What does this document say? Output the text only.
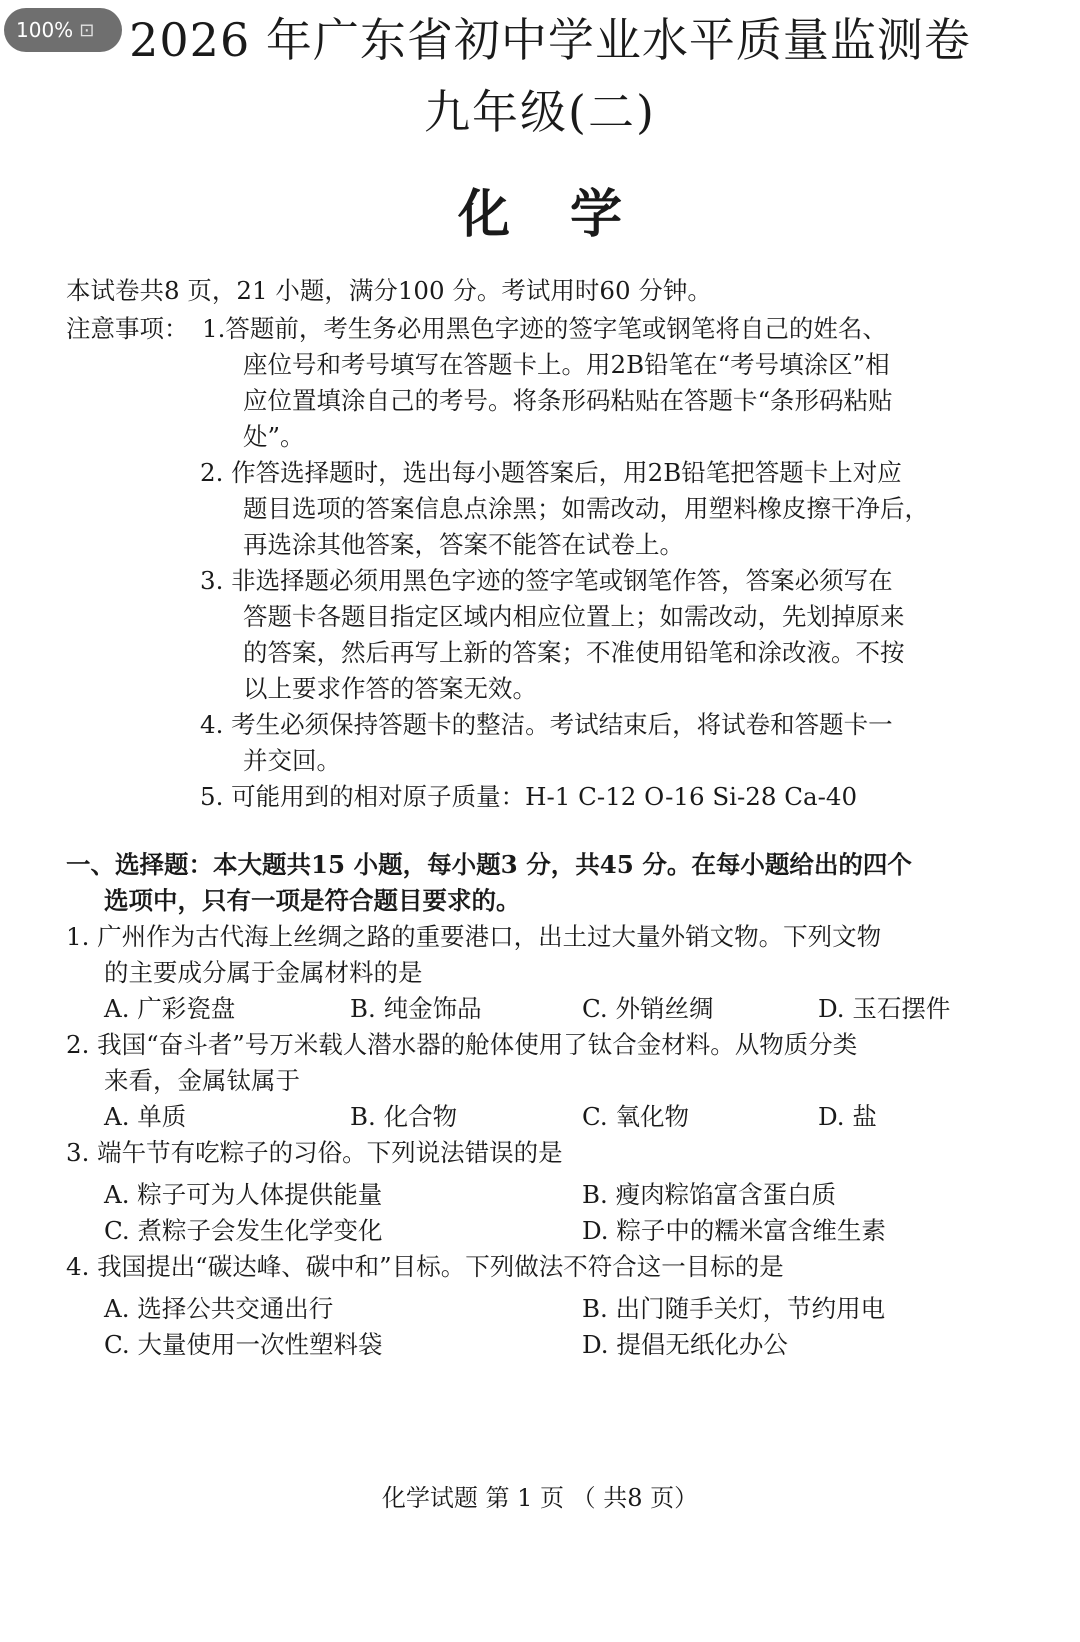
100% ⊡ 2026 年广东省初中学业水平质量监测卷
九年级(二)
化学
本试卷共8 页，21 小题，满分100 分。考试用时60 分钟。
注意事项： 1.答题前，考生务必用黑色字迹的签字笔或钢笔将自己的姓名、
座位号和考号填写在答题卡上。用2B铅笔在“考号填涂区”相
应位置填涂自己的考号。将条形码粘贴在答题卡“条形码粘贴
处”。
2. 作答选择题时，选出每小题答案后，用2B铅笔把答题卡上对应
题目选项的答案信息点涂黑；如需改动，用塑料橡皮擦干净后，
再选涂其他答案，答案不能答在试卷上。
3. 非选择题必须用黑色字迹的签字笔或钢笔作答，答案必须写在
答题卡各题目指定区域内相应位置上；如需改动，先划掉原来
的答案，然后再写上新的答案；不准使用铅笔和涂改液。不按
以上要求作答的答案无效。
4. 考生必须保持答题卡的整洁。考试结束后，将试卷和答题卡一
并交回。
5. 可能用到的相对原子质量：H-1 C-12 O-16 Si-28 Ca-40
一、选择题：本大题共15 小题，每小题3 分，共45 分。在每小题给出的四个
选项中，只有一项是符合题目要求的。
1. 广州作为古代海上丝绸之路的重要港口，出土过大量外销文物。下列文物
的主要成分属于金属材料的是
A. 广彩瓷盘	B. 纯金饰品	C. 外销丝绸	D. 玉石摆件
2. 我国“奋斗者”号万米载人潜水器的舱体使用了钛合金材料。从物质分类
来看，金属钛属于
A. 单质	B. 化合物	C. 氧化物	D. 盐
3. 端午节有吃粽子的习俗。下列说法错误的是
A. 粽子可为人体提供能量	B. 瘦肉粽馅富含蛋白质
C. 煮粽子会发生化学变化	D. 粽子中的糯米富含维生素
4. 我国提出“碳达峰、碳中和”目标。下列做法不符合这一目标的是
A. 选择公共交通出行	B. 出门随手关灯，节约用电
C. 大量使用一次性塑料袋	D. 提倡无纸化办公
化学试题 第 1 页 （ 共8 页）
